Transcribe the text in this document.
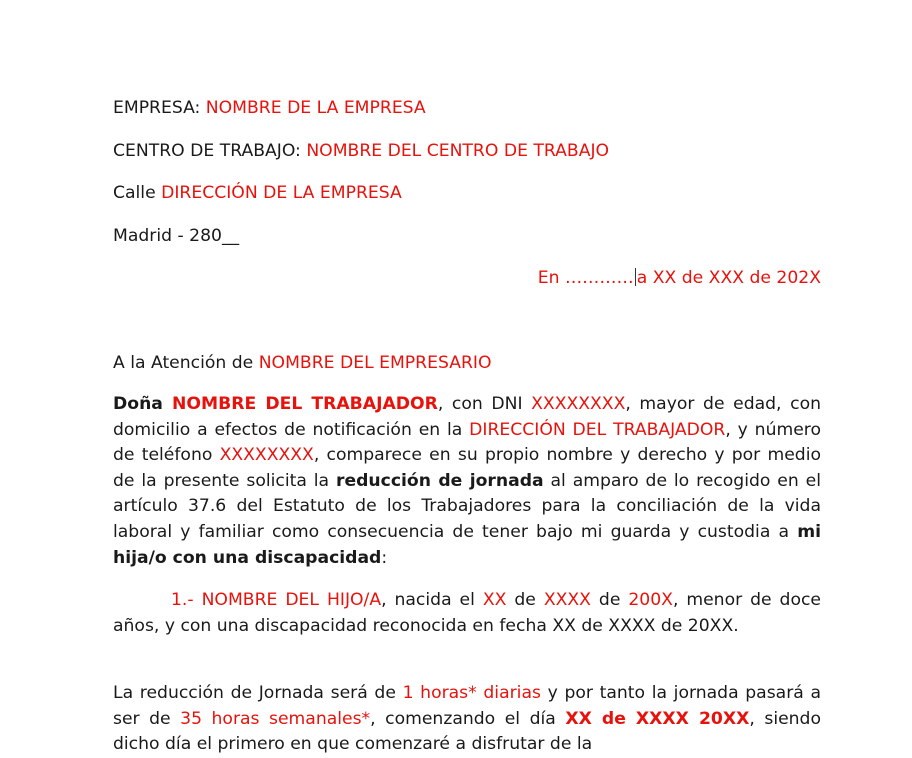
EMPRESA: NOMBRE DE LA EMPRESA
CENTRO DE TRABAJO: NOMBRE DEL CENTRO DE TRABAJO
Calle DIRECCIÓN DE LA EMPRESA
Madrid - 280__
En ………… a XX de XXX de 202X
A la Atención de NOMBRE DEL EMPRESARIO
Doña NOMBRE DEL TRABAJADOR, con DNI XXXXXXXX, mayor de edad, con domicilio a efectos de notificación en la DIRECCIÓN DEL TRABAJADOR, y número de teléfono XXXXXXXX, comparece en su propio nombre y derecho y por medio de la presente solicita la reducción de jornada al amparo de lo recogido en el artículo 37.6 del Estatuto de los Trabajadores para la conciliación de la vida laboral y familiar como consecuencia de tener bajo mi guarda y custodia a mi hija/o con una discapacidad:
1.- NOMBRE DEL HIJO/A, nacida el XX de XXXX de 200X, menor de doce años, y con una discapacidad reconocida en fecha XX de XXXX de 20XX.
La reducción de Jornada será de 1 horas* diarias y por tanto la jornada pasará a ser de 35 horas semanales*, comenzando el día XX de XXXX 20XX, siendo dicho día el primero en que comenzaré a disfrutar de la
